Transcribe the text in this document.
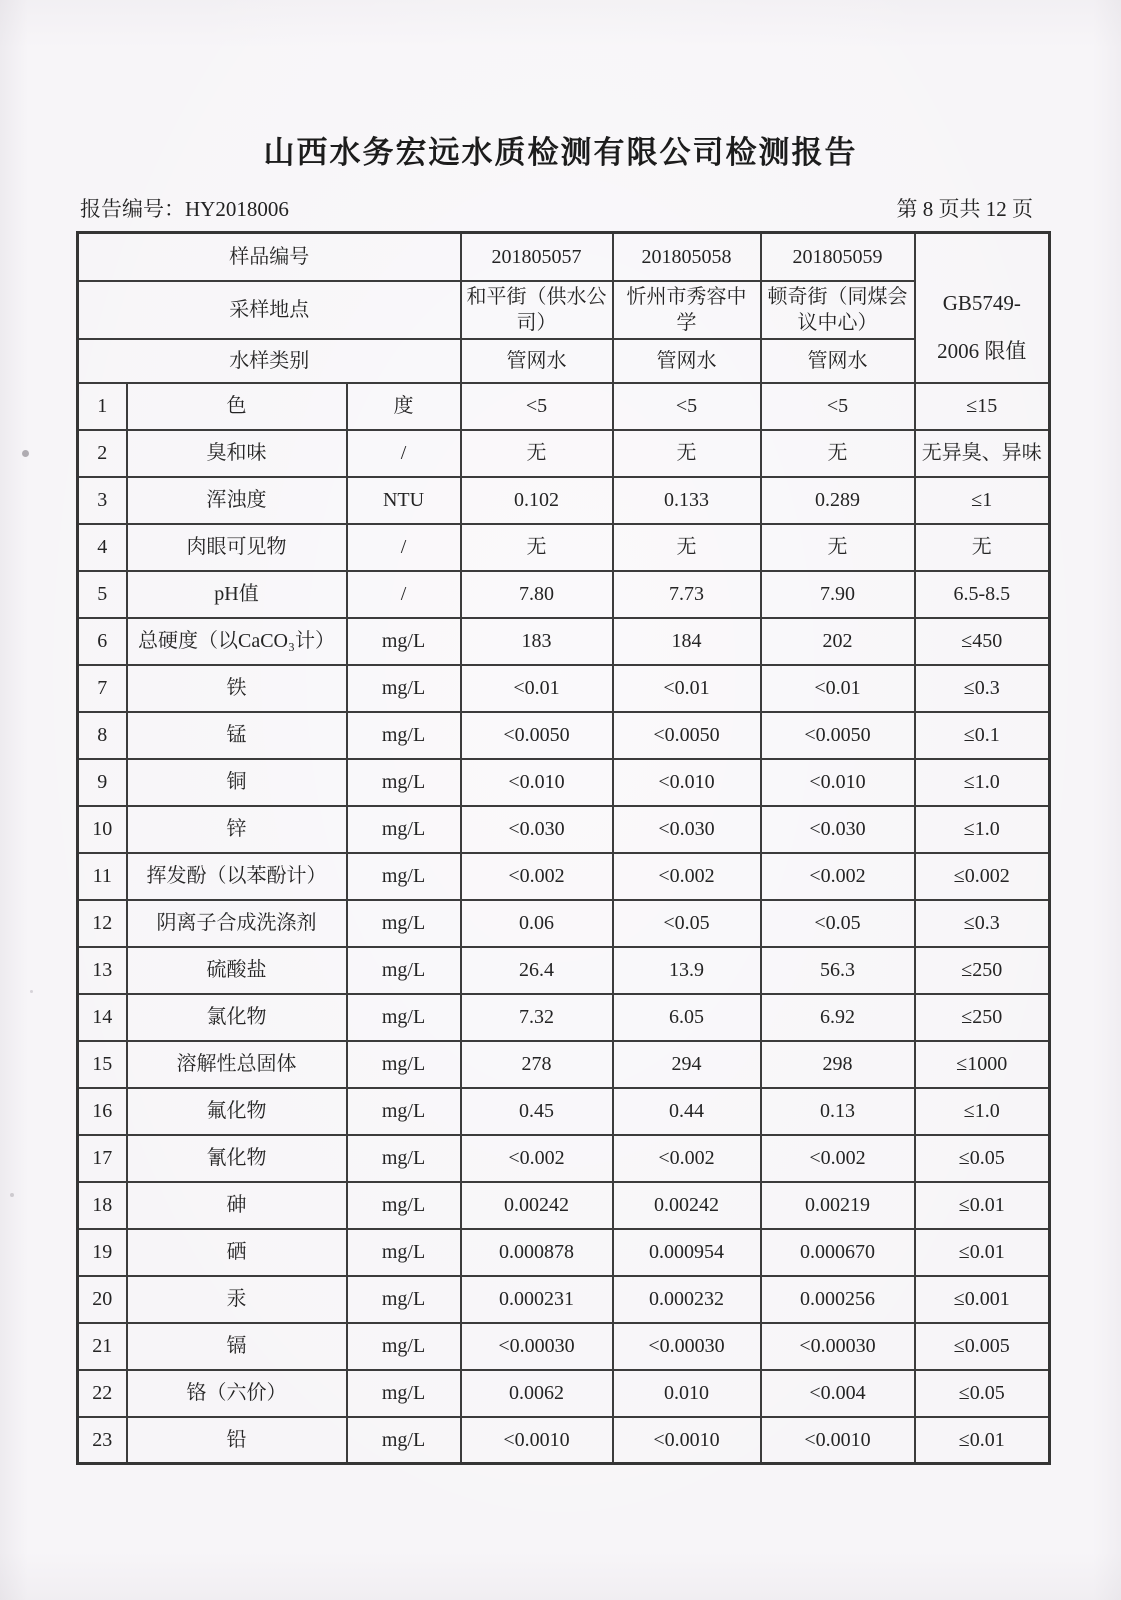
山西水务宏远水质检测有限公司检测报告
报告编号：HY2018006	第 8 页共 12 页
样品编号			201805057	201805058	201805059	GB5749-
2006 限值

采样地点			和平街（供水公司）	忻州市秀容中学	顿奇街（同煤会议中心）	
水样类别			管网水	管网水	管网水	
1	色	度	<5	<5	<5	≤15
2	臭和味	/	无	无	无	无异臭、异味
3	浑浊度	NTU	0.102	0.133	0.289	≤1
4	肉眼可见物	/	无	无	无	无
5	pH值	/	7.80	7.73	7.90	6.5-8.5
6	总硬度（以CaCO₃计）	mg/L	183	184	202	≤450
7	铁	mg/L	<0.01	<0.01	<0.01	≤0.3
8	锰	mg/L	<0.0050	<0.0050	<0.0050	≤0.1
9	铜	mg/L	<0.010	<0.010	<0.010	≤1.0
10	锌	mg/L	<0.030	<0.030	<0.030	≤1.0
11	挥发酚（以苯酚计）	mg/L	<0.002	<0.002	<0.002	≤0.002
12	阴离子合成洗涤剂	mg/L	0.06	<0.05	<0.05	≤0.3
13	硫酸盐	mg/L	26.4	13.9	56.3	≤250
14	氯化物	mg/L	7.32	6.05	6.92	≤250
15	溶解性总固体	mg/L	278	294	298	≤1000
16	氟化物	mg/L	0.45	0.44	0.13	≤1.0
17	氰化物	mg/L	<0.002	<0.002	<0.002	≤0.05
18	砷	mg/L	0.00242	0.00242	0.00219	≤0.01
19	硒	mg/L	0.000878	0.000954	0.000670	≤0.01
20	汞	mg/L	0.000231	0.000232	0.000256	≤0.001
21	镉	mg/L	<0.00030	<0.00030	<0.00030	≤0.005
22	铬（六价）	mg/L	0.0062	0.010	<0.004	≤0.05
23	铅	mg/L	<0.0010	<0.0010	<0.0010	≤0.01
